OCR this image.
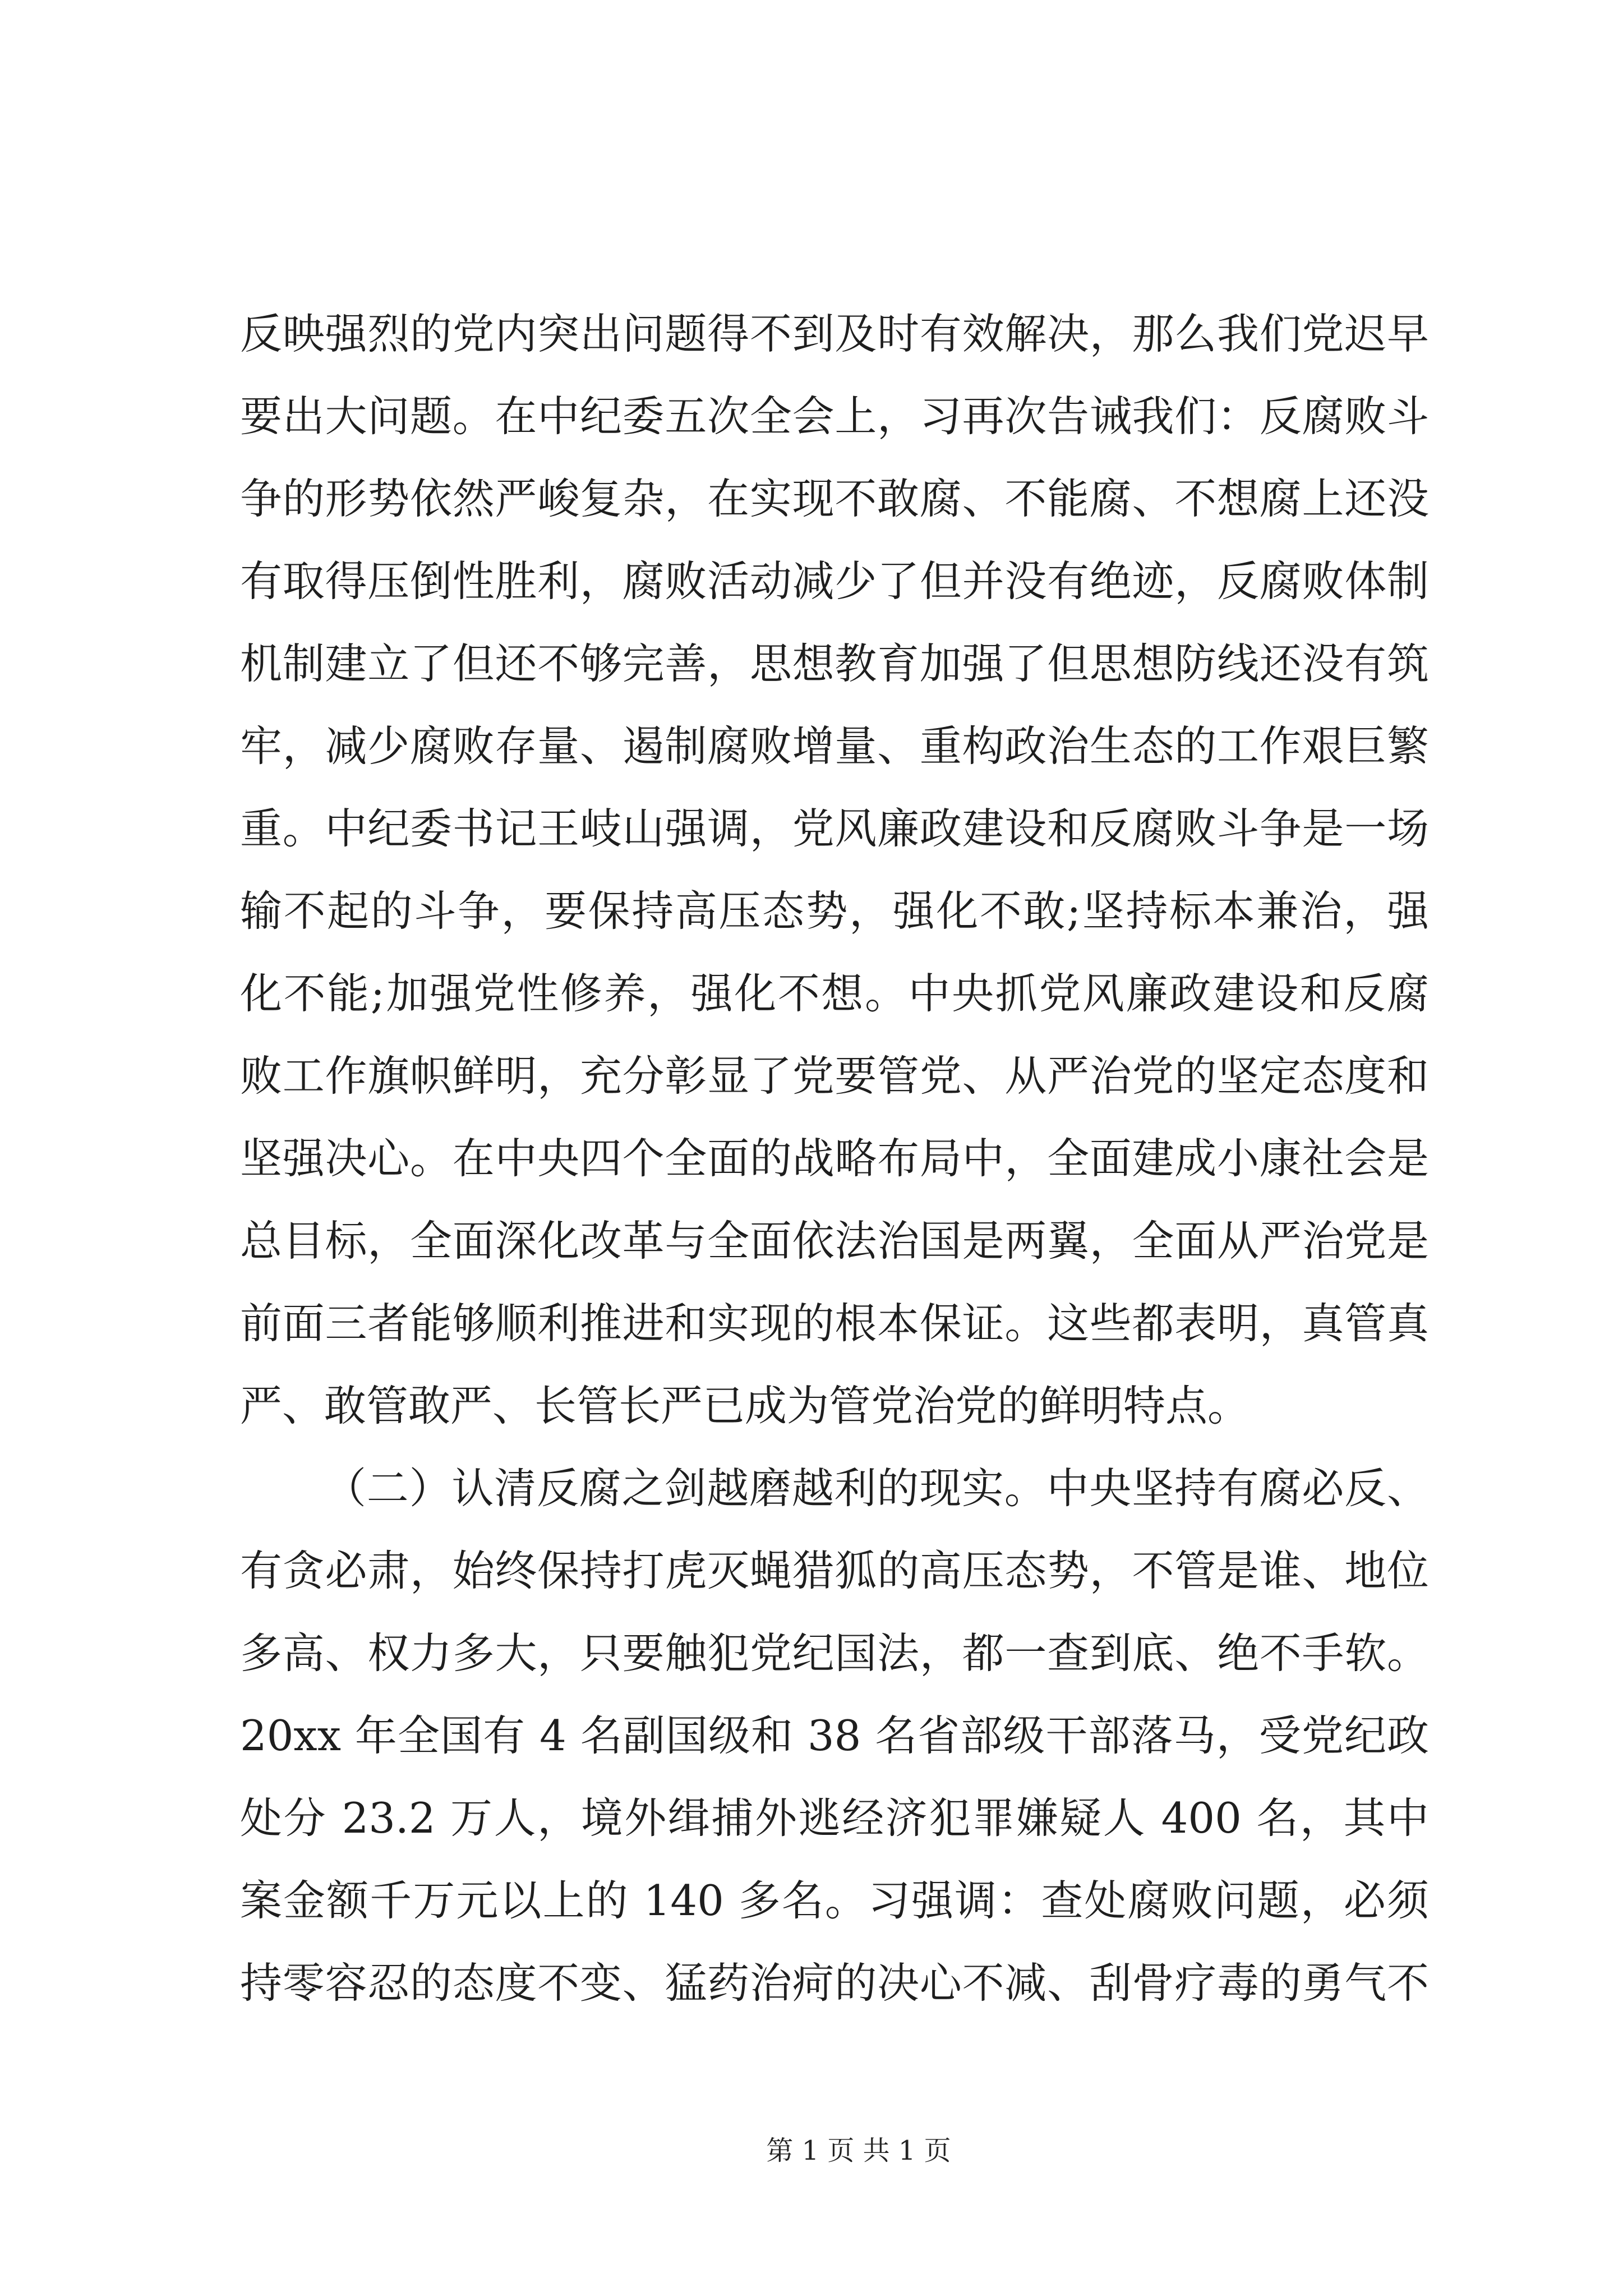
反映强烈的党内突出问题得不到及时有效解决，那么我们党迟早
要出大问题。在中纪委五次全会上，习再次告诫我们：反腐败斗
争的形势依然严峻复杂，在实现不敢腐、不能腐、不想腐上还没
有取得压倒性胜利，腐败活动减少了但并没有绝迹，反腐败体制
机制建立了但还不够完善，思想教育加强了但思想防线还没有筑
牢，减少腐败存量、遏制腐败增量、重构政治生态的工作艰巨繁
重。中纪委书记王岐山强调，党风廉政建设和反腐败斗争是一场
输不起的斗争，要保持高压态势，强化不敢;坚持标本兼治，强
化不能;加强党性修养，强化不想。中央抓党风廉政建设和反腐
败工作旗帜鲜明，充分彰显了党要管党、从严治党的坚定态度和
坚强决心。在中央四个全面的战略布局中，全面建成小康社会是
总目标，全面深化改革与全面依法治国是两翼，全面从严治党是
前面三者能够顺利推进和实现的根本保证。这些都表明，真管真
严、敢管敢严、长管长严已成为管党治党的鲜明特点。
（二）认清反腐之剑越磨越利的现实。中央坚持有腐必反、
有贪必肃，始终保持打虎灭蝇猎狐的高压态势，不管是谁、地位
多高、权力多大，只要触犯党纪国法，都一查到底、绝不手软。
20xx 年全国有 4 名副国级和 38 名省部级干部落马，受党纪政
处分 23.2 万人，境外缉捕外逃经济犯罪嫌疑人 400 名，其中
案金额千万元以上的 140 多名。习强调：查处腐败问题，必须
持零容忍的态度不变、猛药治疴的决心不减、刮骨疗毒的勇气不
第 1 页 共 1 页
